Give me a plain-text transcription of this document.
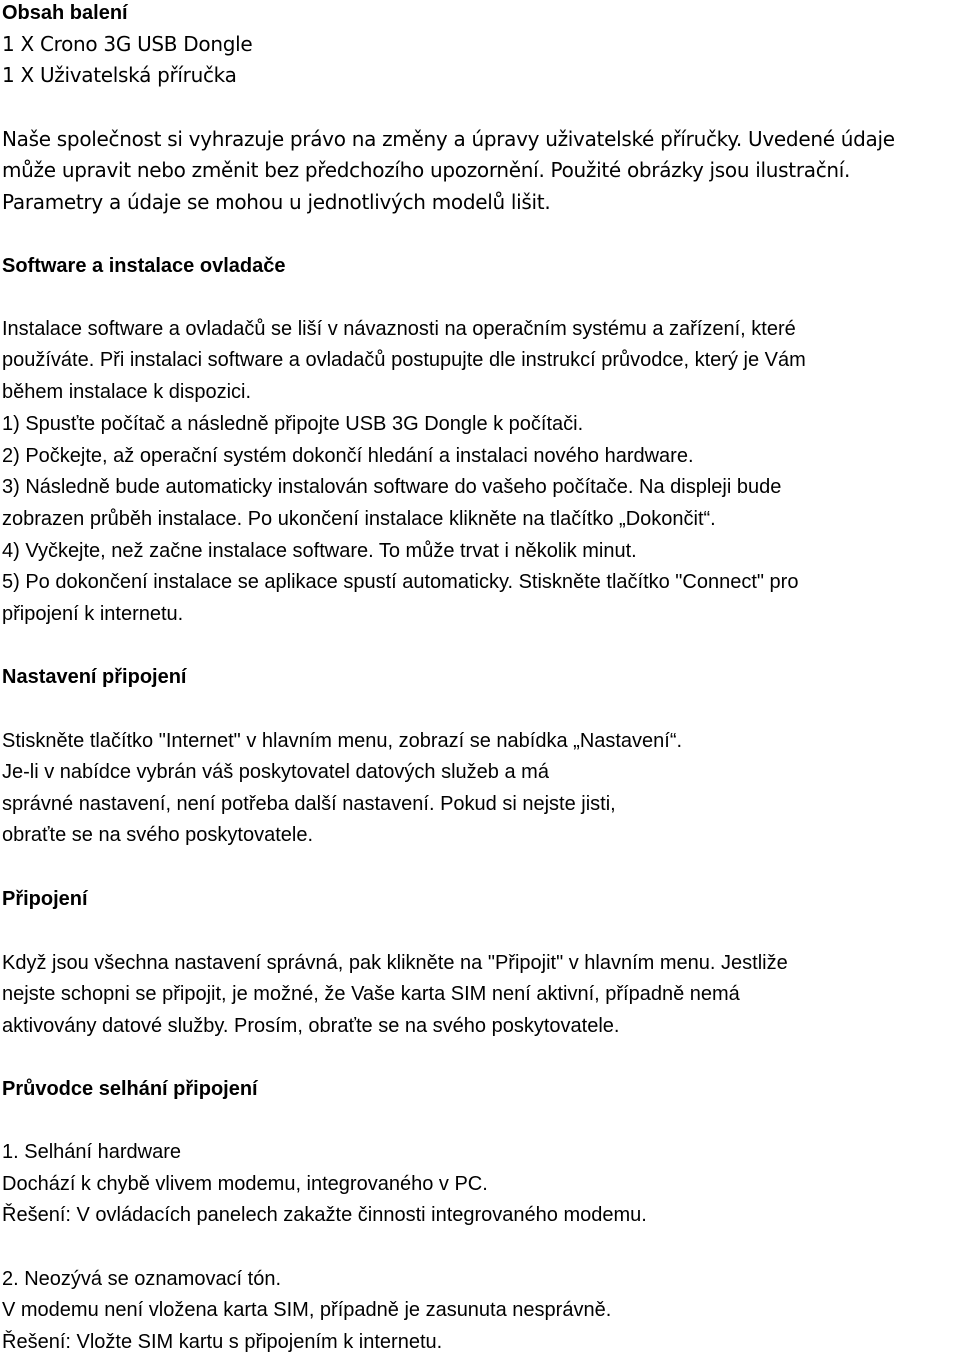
Obsah balení
1 X Crono 3G USB Dongle
1 X Uživatelská příručka
Naše společnost si vyhrazuje právo na změny a úpravy uživatelské příručky. Uvedené údaje
může upravit nebo změnit bez předchozího upozornění. Použité obrázky jsou ilustrační.
Parametry a údaje se mohou u jednotlivých modelů lišit.
Software a instalace ovladače
Instalace software a ovladačů se liší v návaznosti na operačním systému a zařízení, které
používáte. Při instalaci software a ovladačů postupujte dle instrukcí průvodce, který je Vám
během instalace k dispozici.
1) Spusťte počítač a následně připojte USB 3G Dongle k počítači.
2) Počkejte, až operační systém dokončí hledání a instalaci nového hardware.
3) Následně bude automaticky instalován software do vašeho počítače. Na displeji bude
zobrazen průběh instalace. Po ukončení instalace klikněte na tlačítko „Dokončit“.
4) Vyčkejte, než začne instalace software. To může trvat i několik minut.
5) Po dokončení instalace se aplikace spustí automaticky. Stiskněte tlačítko "Connect" pro
připojení k internetu.
Nastavení připojení
Stiskněte tlačítko "Internet" v hlavním menu, zobrazí se nabídka „Nastavení“.
Je-li v nabídce vybrán váš poskytovatel datových služeb a má
správné nastavení, není potřeba další nastavení. Pokud si nejste jisti,
obraťte se na svého poskytovatele.
Připojení
Když jsou všechna nastavení správná, pak klikněte na "Připojit" v hlavním menu. Jestliže
nejste schopni se připojit, je možné, že Vaše karta SIM není aktivní, případně nemá
aktivovány datové služby. Prosím, obraťte se na svého poskytovatele.
Průvodce selhání připojení
1. Selhání hardware
Dochází k chybě vlivem modemu, integrovaného v PC.
Řešení: V ovládacích panelech zakažte činnosti integrovaného modemu.
2. Neozývá se oznamovací tón.
V modemu není vložena karta SIM, případně je zasunuta nesprávně.
Řešení: Vložte SIM kartu s připojením k internetu.
